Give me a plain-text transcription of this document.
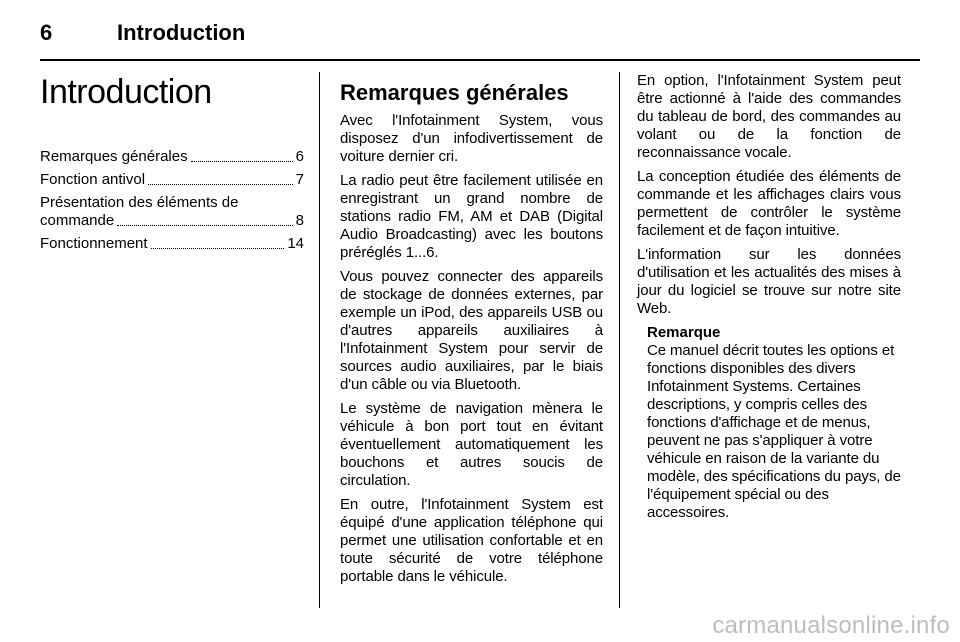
6	Introduction
Introduction
Remarques générales	6
Fonction antivol	7
Présentation des éléments de
commande	8
Fonctionnement	14
Remarques générales

Avec l'Infotainment System, vous disposez d'un infodivertissement de voiture dernier cri.

La radio peut être facilement utilisée en enregistrant un grand nombre de stations radio FM, AM et DAB (Digital Audio Broadcasting) avec les boutons préréglés 1...6.

Vous pouvez connecter des appareils de stockage de données externes, par exemple un iPod, des appareils USB ou d'autres appareils auxiliaires à l'Infotainment System pour servir de sources audio auxiliaires, par le biais d'un câble ou via Bluetooth.

Le système de navigation mènera le véhicule à bon port tout en évitant éventuellement automatiquement les bouchons et autres soucis de circulation.

En outre, l'Infotainment System est équipé d'une application téléphone qui permet une utilisation confortable et en toute sécurité de votre téléphone portable dans le véhicule.

En option, l'Infotainment System peut être actionné à l'aide des commandes du tableau de bord, des commandes au volant ou de la fonction de reconnaissance vocale.

La conception étudiée des éléments de commande et les affichages clairs vous permettent de contrôler le système facilement et de façon intuitive.

L'information sur les données d'utilisation et les actualités des mises à jour du logiciel se trouve sur notre site Web.

Remarque
Ce manuel décrit toutes les options et fonctions disponibles des divers Infotainment Systems. Certaines descriptions, y compris celles des fonctions d'affichage et de menus, peuvent ne pas s'appliquer à votre véhicule en raison de la variante du modèle, des spécifications du pays, de l'équipement spécial ou des accessoires.
carmanualsonline.info
